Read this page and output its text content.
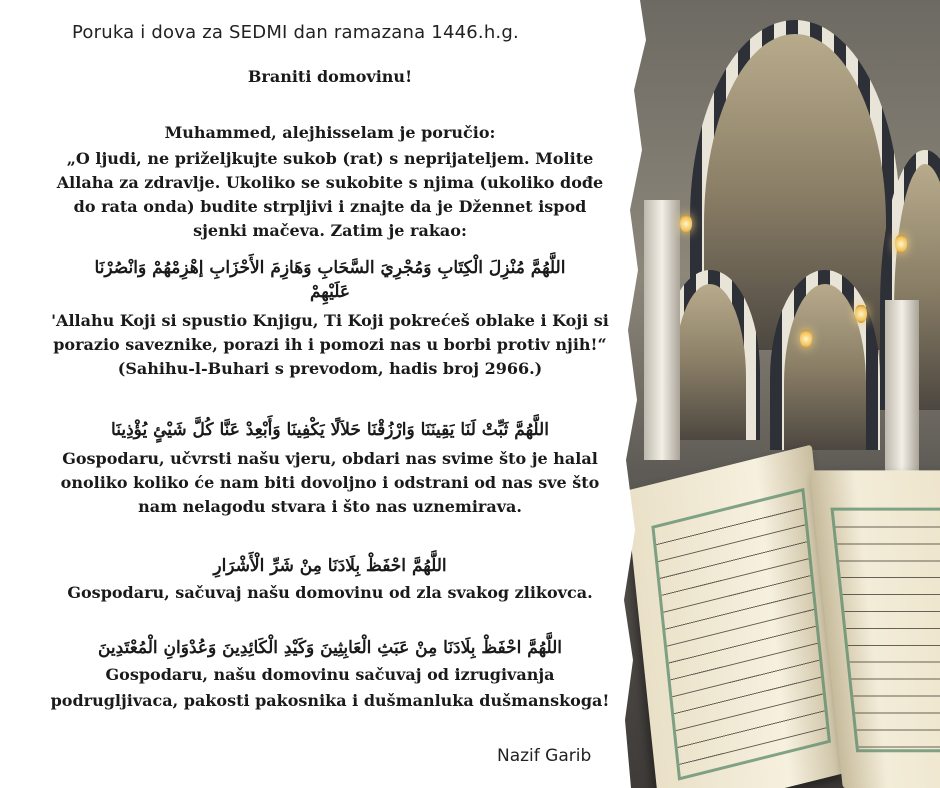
Poruka i dova za SEDMI dan ramazana 1446.h.g.
Braniti domovinu!
Muhammed, alejhisselam je poručio:
„O ljudi, ne priželjkujte sukob (rat) s neprijateljem. Molite
Allaha za zdravlje. Ukoliko se sukobite s njima (ukoliko dođe
do rata onda) budite strpljivi i znajte da je Džennet ispod
sjenki mačeva. Zatim je rakao:
اللَّهُمَّ مُنْزِلَ الْكِتَابِ وَمُجْرِيَ السَّحَابِ وَهَازِمَ الأَحْزَابِ إهْزِمْهُمْ وَانْصُرْنَا
عَلَيْهِمْ
'Allahu Koji si spustio Knjigu, Ti Koji pokrećeš oblake i Koji si
porazio saveznike, porazi ih i pomozi nas u borbi protiv njih!“
(Sahihu-l-Buhari s prevodom, hadis broj 2966.)
اللَّهُمَّ ثَبِّتْ لَنَا يَقِينَنَا وَارْزُقْنَا حَلاَلًا يَكْفِينَا وَأَبْعِدْ عَنَّا كُلَّ شَيْئٍ يُؤْذِينَا
Gospodaru, učvrsti našu vjeru, obdari nas svime što je halal
onoliko koliko će nam biti dovoljno i odstrani od nas sve što
nam nelagodu stvara i što nas uznemirava.
اللَّهُمَّ احْفَظْ بِلَادَنَا مِنْ شَرِّ الْأَشْرَارِ
Gospodaru, sačuvaj našu domovinu od zla svakog zlikovca.
اللَّهُمَّ احْفَظْ بِلَادَنَا مِنْ عَبَثِ الْعَابِثِينَ وَكَيْدِ الْكَائِدِينَ وَعُدْوَانِ الْمُعْتَدِينَ
Gospodaru, našu domovinu sačuvaj od izrugivanja
podrugljivaca, pakosti pakosnika i dušmanluka dušmanskoga!
Nazif Garib
